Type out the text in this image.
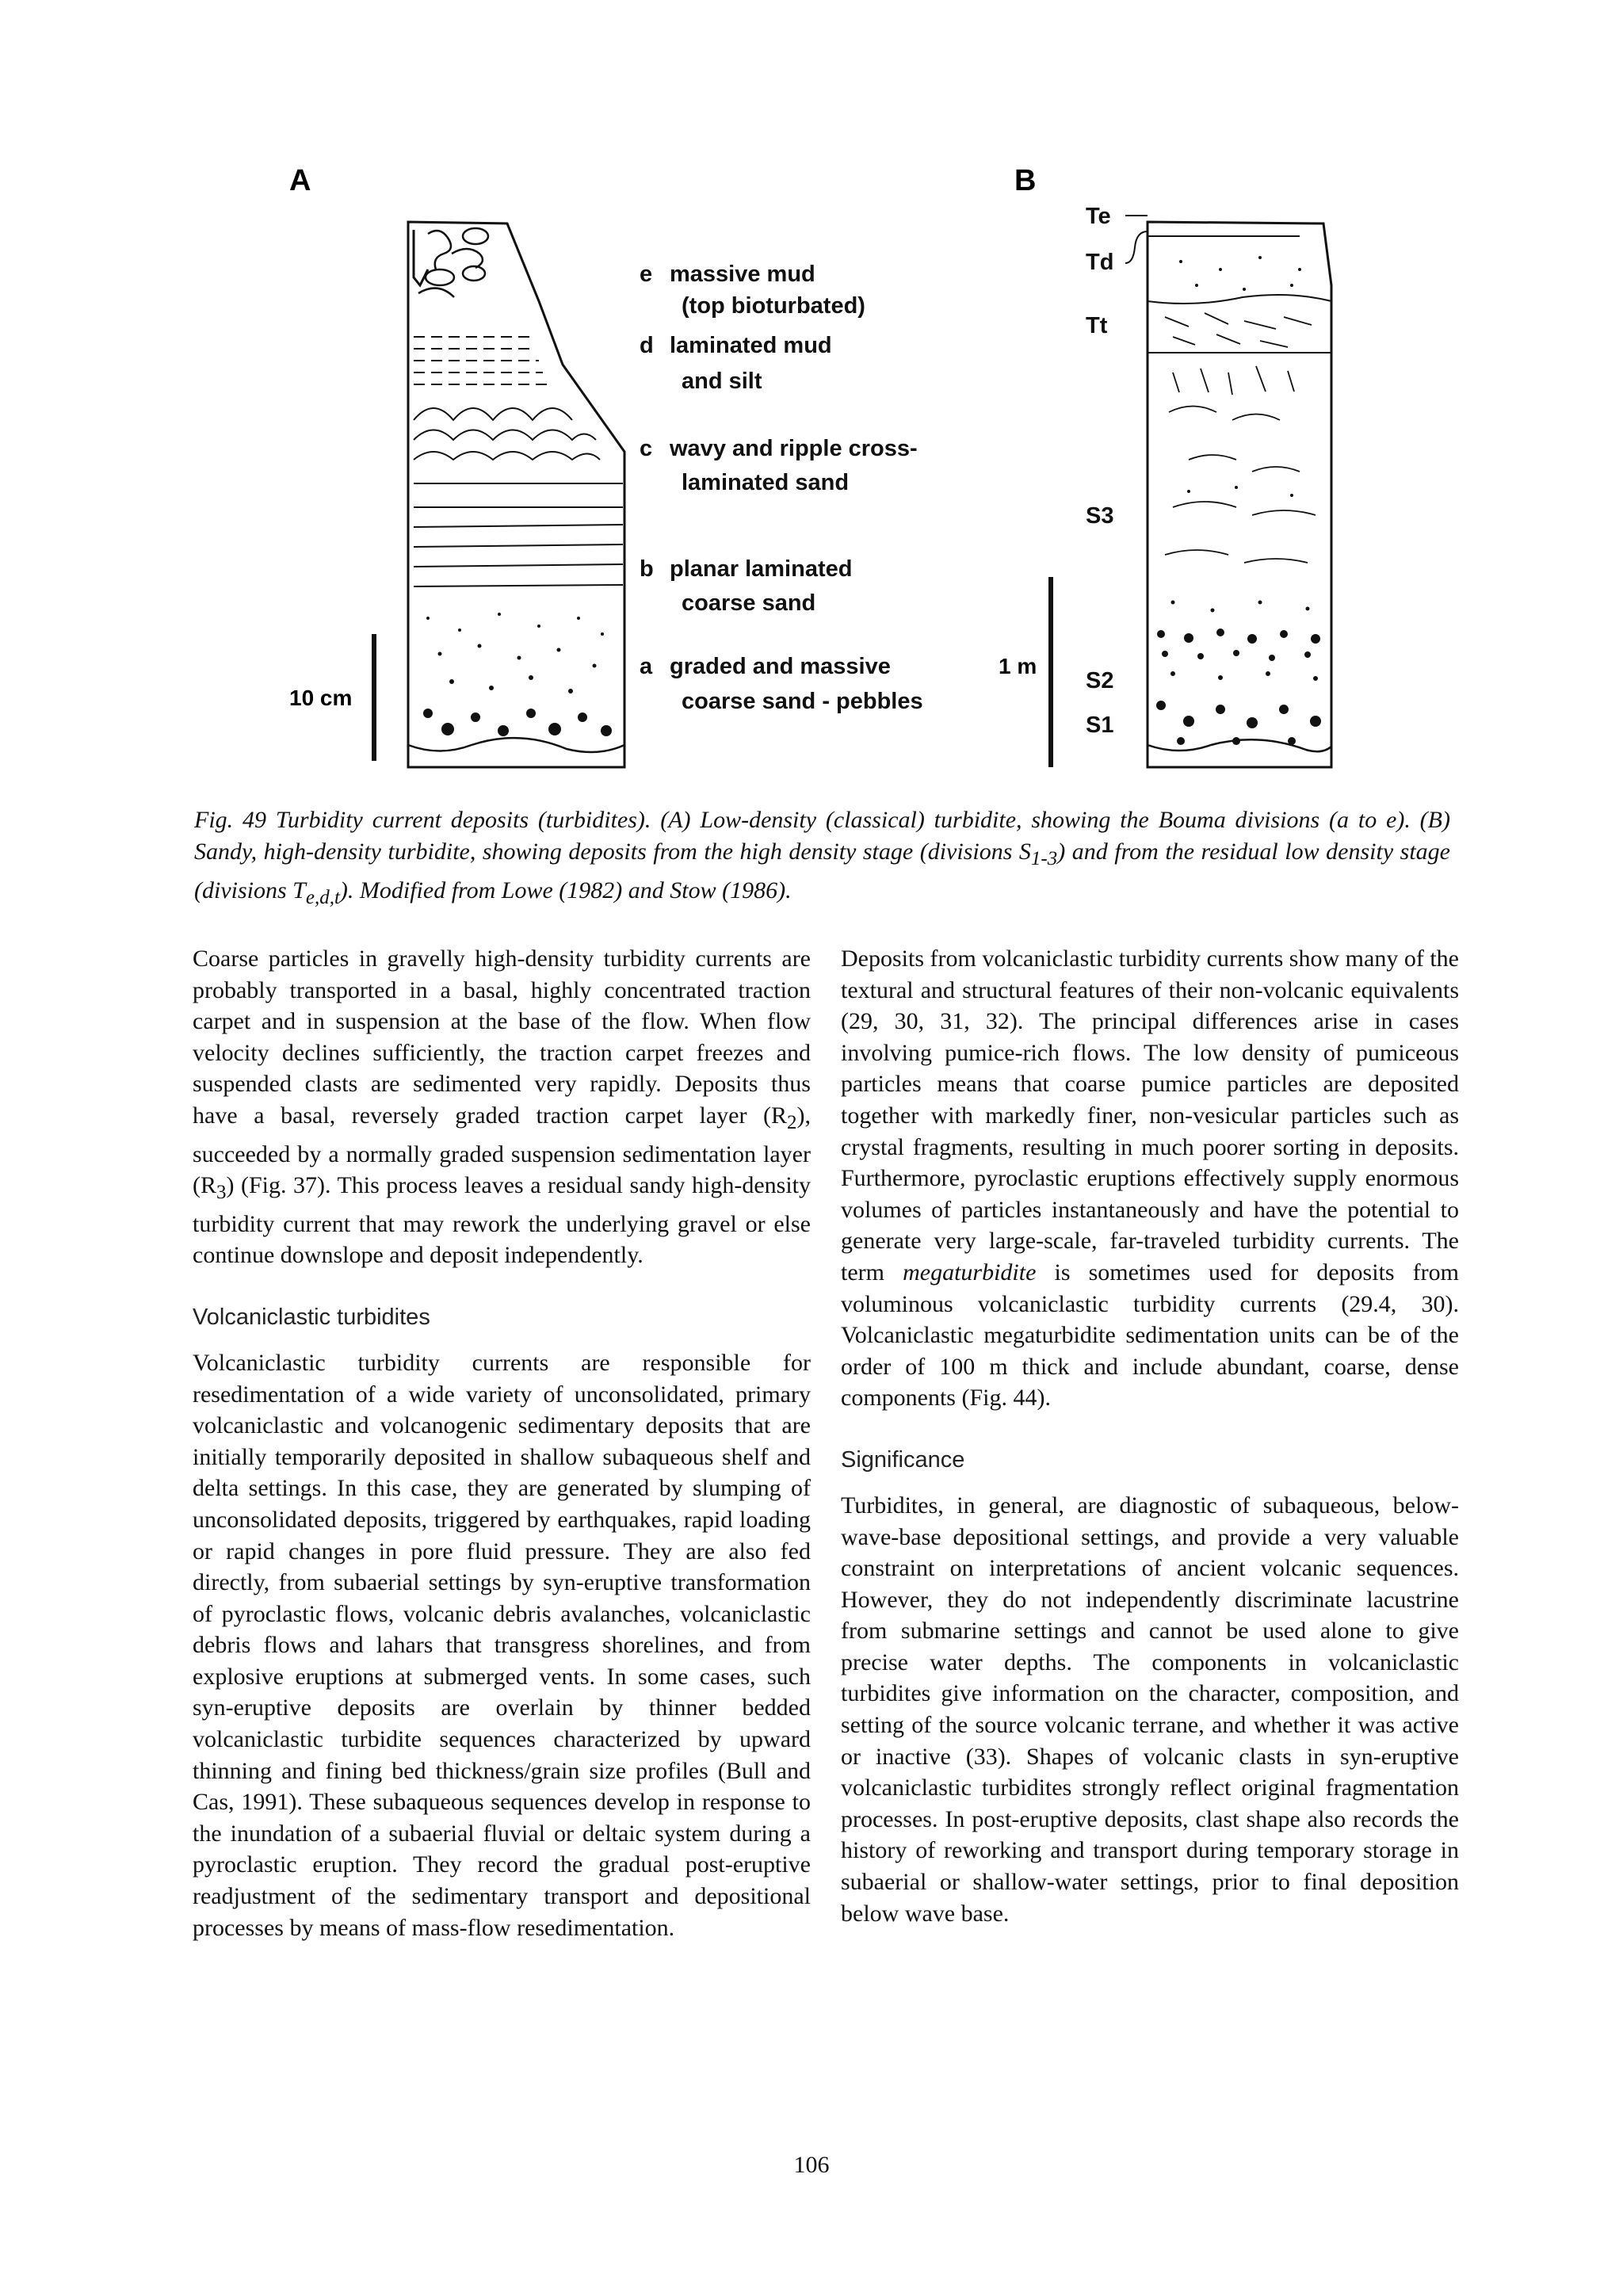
A
10 cm
e massive mud
(top bioturbated)
d laminated mud
and silt
c wavy and ripple cross-
laminated sand
b planar laminated
coarse sand
a graded and massive
coarse sand - pebbles
B
1 m
Te
Td
Tt
S3
S2
S1
Fig. 49 Turbidity current deposits (turbidites). (A) Low-density (classical) turbidite, showing the Bouma divisions (a to e). (B) Sandy, high-density turbidite, showing deposits from the high density stage (divisions $S_{1-3}$) and from the residual low density stage (divisions $T_{e,d,t}$). Modified from Lowe (1982) and Stow (1986).

Coarse particles in gravelly high-density turbidity currents are probably transported in a basal, highly concentrated traction carpet and in suspension at the base of the flow. When flow velocity declines sufficiently, the traction carpet freezes and suspended clasts are sedimented very rapidly. Deposits thus have a basal, reversely graded traction carpet layer $(R_2)$, succeeded by a normally graded suspension sedimentation layer $(R_3)$ (Fig. 37). This process leaves a residual sandy high-density turbidity current that may rework the underlying gravel or else continue downslope and deposit independently.

Volcaniclastic turbidites

Volcaniclastic turbidity currents are responsible for resedimentation of a wide variety of unconsolidated, primary volcaniclastic and volcanogenic sedimentary deposits that are initially temporarily deposited in shallow subaqueous shelf and delta settings. In this case, they are generated by slumping of unconsolidated deposits, triggered by earthquakes, rapid loading or rapid changes in pore fluid pressure. They are also fed directly, from subaerial settings by syn-eruptive transformation of pyroclastic flows, volcanic debris avalanches, volcaniclastic debris flows and lahars that transgress shorelines, and from explosive eruptions at submerged vents. In some cases, such syn-eruptive deposits are overlain by thinner bedded volcaniclastic turbidite sequences characterized by upward thinning and fining bed thickness/grain size profiles (Bull and Cas, 1991). These subaqueous sequences develop in response to the inundation of a subaerial fluvial or deltaic system during a pyroclastic eruption. They record the gradual post-eruptive readjustment of the sedimentary transport and depositional processes by means of mass-flow resedimentation.

Deposits from volcaniclastic turbidity currents show many of the textural and structural features of their non-volcanic equivalents (29, 30, 31, 32). The principal differences arise in cases involving pumice-rich flows. The low density of pumiceous particles means that coarse pumice particles are deposited together with markedly finer, non-vesicular particles such as crystal fragments, resulting in much poorer sorting in deposits. Furthermore, pyroclastic eruptions effectively supply enormous volumes of particles instantaneously and have the potential to generate very large-scale, far-traveled turbidity currents. The term megaturbidite is sometimes used for deposits from voluminous volcaniclastic turbidity currents (29.4, 30). Volcaniclastic megaturbidite sedimentation units can be of the order of 100 m thick and include abundant, coarse, dense components (Fig. 44).

Significance

Turbidites, in general, are diagnostic of subaqueous, below-wave-base depositional settings, and provide a very valuable constraint on interpretations of ancient volcanic sequences. However, they do not independently discriminate lacustrine from submarine settings and cannot be used alone to give precise water depths. The components in volcaniclastic turbidites give information on the character, composition, and setting of the source volcanic terrane, and whether it was active or inactive (33). Shapes of volcanic clasts in syn-eruptive volcaniclastic turbidites strongly reflect original fragmentation processes. In post-eruptive deposits, clast shape also records the history of reworking and transport during temporary storage in subaerial or shallow-water settings, prior to final deposition below wave base.

106
